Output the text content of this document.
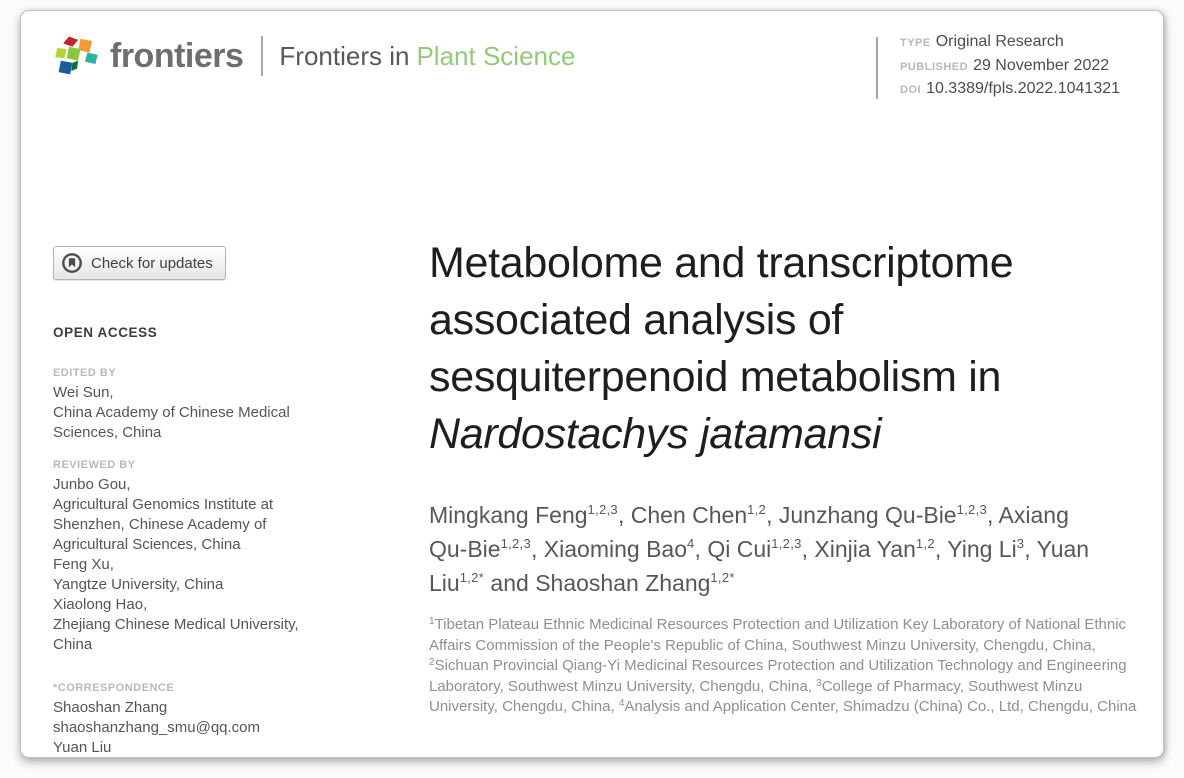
frontiers Frontiers in Plant Science	TYPE Original Research
PUBLISHED 29 November 2022
DOI 10.3389/fpls.2022.1041321
Check for updates
OPEN ACCESS
EDITED BY
Wei Sun,
China Academy of Chinese Medical Sciences, China
REVIEWED BY
Junbo Gou,
Agricultural Genomics Institute at Shenzhen, Chinese Academy of Agricultural Sciences, China
Feng Xu,
Yangtze University, China
Xiaolong Hao,
Zhejiang Chinese Medical University, China
*CORRESPONDENCE
Shaoshan Zhang
shaoshanzhang_smu@qq.com
Yuan Liu
Metabolome and transcriptome
associated analysis of
sesquiterpenoid metabolism in
Nardostachys jatamansi

Mingkang Feng$^{1,2,3}$, Chen Chen$^{1,2}$, Junzhang Qu-Bie$^{1,2,3}$, Axiang Qu-Bie$^{1,2,3}$, Xiaoming Bao$^4$, Qi Cui$^{1,2,3}$, Xinjia Yan$^{1,2}$, Ying Li$^3$, Yuan Liu$^{1,2*}$ and Shaoshan Zhang$^{1,2*}$

$^1$Tibetan Plateau Ethnic Medicinal Resources Protection and Utilization Key Laboratory of National Ethnic Affairs Commission of the People's Republic of China, Southwest Minzu University, Chengdu, China, $^2$Sichuan Provincial Qiang-Yi Medicinal Resources Protection and Utilization Technology and Engineering Laboratory, Southwest Minzu University, Chengdu, China, $^3$College of Pharmacy, Southwest Minzu University, Chengdu, China, $^4$Analysis and Application Center, Shimadzu (China) Co., Ltd, Chengdu, China
